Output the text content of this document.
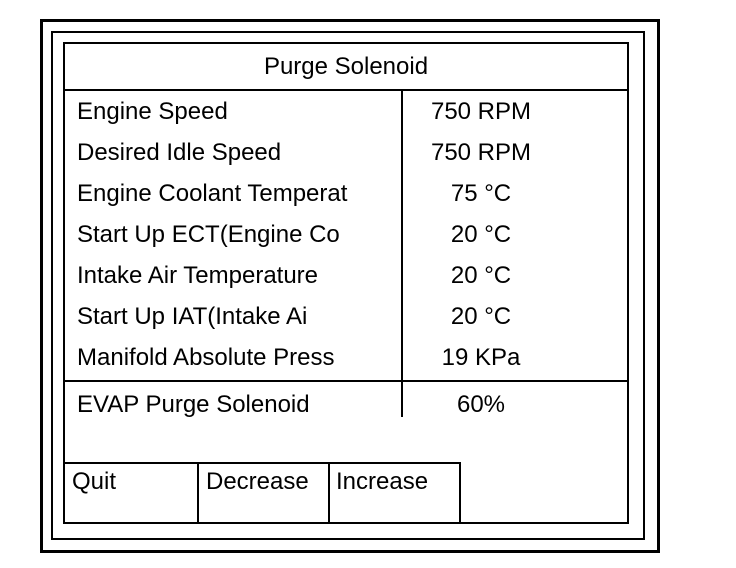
Purge Solenoid
Engine Speed	750 RPM
Desired Idle Speed	750 RPM
Engine Coolant Temperat	75 °C
Start Up ECT(Engine Co	20 °C
Intake Air Temperature	20 °C
Start Up IAT(Intake Ai	20 °C
Manifold Absolute Press	19 KPa
EVAP Purge Solenoid	60%
Quit	Decrease	Increase
